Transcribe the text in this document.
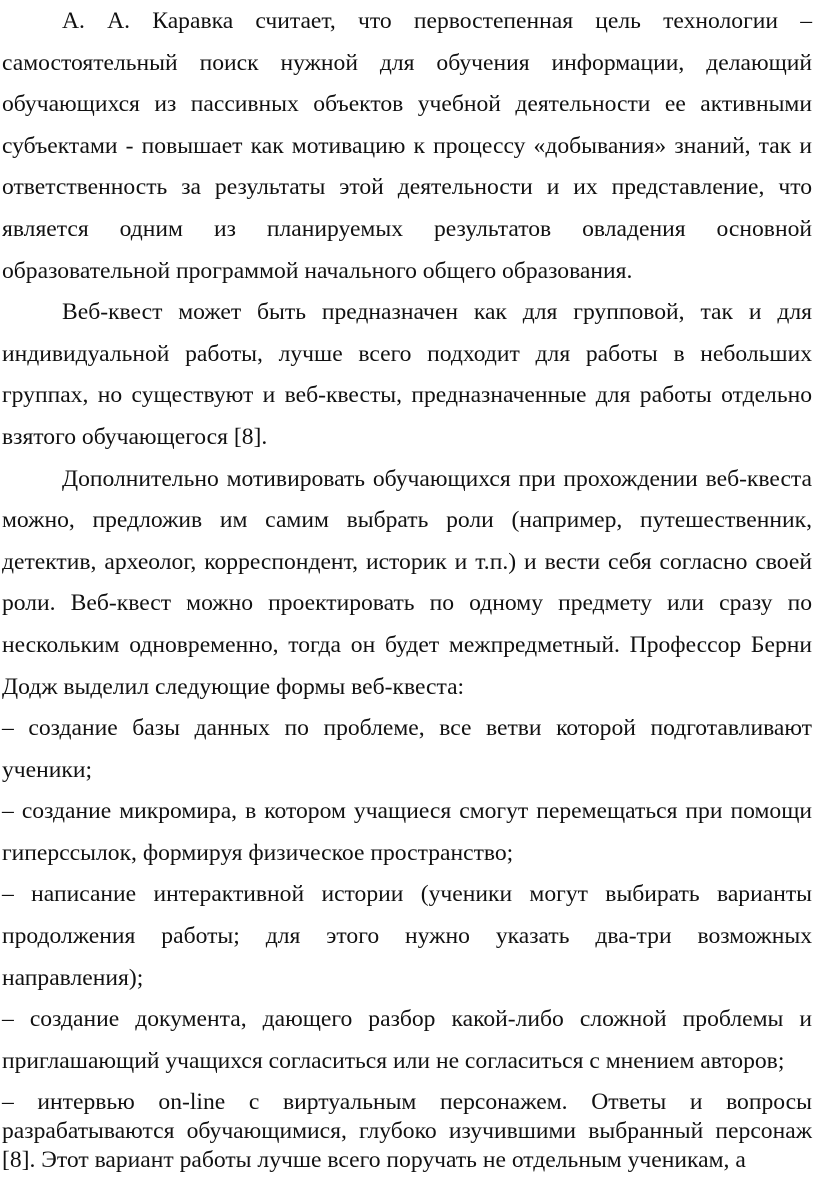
А. А. Каравка считает, что первостепенная цель технологии – самостоятельный поиск нужной для обучения информации, делающий обучающихся из пассивных объектов учебной деятельности ее активными субъектами - повышает как мотивацию к процессу «добывания» знаний, так и ответственность за результаты этой деятельности и их представление, что является одним из планируемых результатов овладения основной образовательной программой начального общего образования.

Веб-квест может быть предназначен как для групповой, так и для индивидуальной работы, лучше всего подходит для работы в небольших группах, но существуют и веб-квесты, предназначенные для работы отдельно взятого обучающегося [8].

Дополнительно мотивировать обучающихся при прохождении веб-квеста можно, предложив им самим выбрать роли (например, путешественник, детектив, археолог, корреспондент, историк и т.п.) и вести себя согласно своей роли. Веб-квест можно проектировать по одному предмету или сразу по нескольким одновременно, тогда он будет межпредметный. Профессор Берни Додж выделил следующие формы веб-квеста:

– создание базы данных по проблеме, все ветви которой подготавливают ученики;

– создание микромира, в котором учащиеся смогут перемещаться при помощи гиперссылок, формируя физическое пространство;

– написание интерактивной истории (ученики могут выбирать варианты продолжения работы; для этого нужно указать два-три возможных направления);

– создание документа, дающего разбор какой-либо сложной проблемы и приглашающий учащихся согласиться или не согласиться с мнением авторов;

– интервью on-line с виртуальным персонажем. Ответы и вопросы разрабатываются обучающимися, глубоко изучившими выбранный персонаж [8]. Этот вариант работы лучше всего поручать не отдельным ученикам, а
